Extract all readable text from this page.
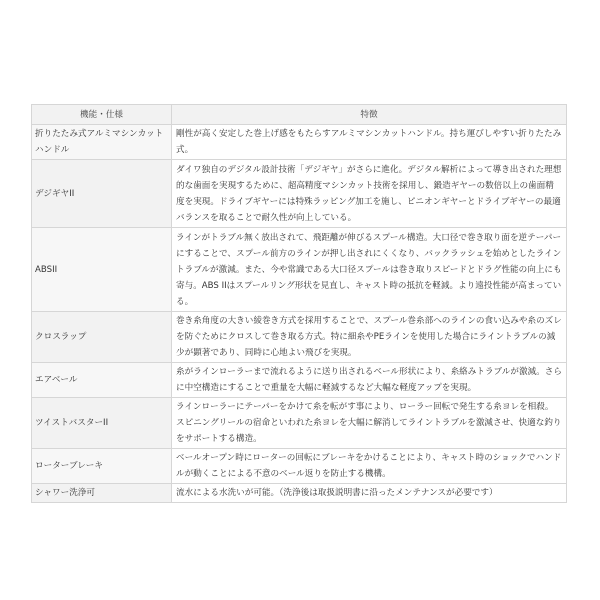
機能・仕様	特徴
折りたたみ式アルミマシンカットハンドル	剛性が高く安定した巻上げ感をもたらすアルミマシンカットハンドル。持ち運びしやすい折りたたみ式。
デジギヤII	ダイワ独自のデジタル設計技術「デジギヤ」がさらに進化。デジタル解析によって導き出された理想的な歯面を実現するために、超高精度マシンカット技術を採用し、鍛造ギヤーの数倍以上の歯面精度を実現。ドライブギヤーには特殊ラッピング加工を施し、ピニオンギヤーとドライブギヤーの最適バランスを取ることで耐久性が向上している。
ABSII	ラインがトラブル無く放出されて、飛距離が伸びるスプール構造。大口径で巻き取り面を逆テーパーにすることで、スプール前方のラインが押し出されにくくなり、バックラッシュを始めとしたライントラブルが激減。また、今や常識である大口径スプールは巻き取りスピードとドラグ性能の向上にも寄与。ABS IIはスプールリング形状を見直し、キャスト時の抵抗を軽減。より遠投性能が高まっている。
クロスラップ	巻き糸角度の大きい綾巻き方式を採用することで、スプール巻糸部へのラインの食い込みや糸のズレを防ぐためにクロスして巻き取る方式。特に細糸やPEラインを使用した場合にライントラブルの減少が顕著であり、同時に心地よい飛びを実現。
エアベール	糸がラインローラーまで流れるように送り出されるベール形状により、糸絡みトラブルが激減。さらに中空構造にすることで重量を大幅に軽減するなど大幅な軽度アップを実現。
ツイストバスターII	ラインローラーにテーパーをかけて糸を転がす事により、ローラー回転で発生する糸ヨレを相殺。スピニングリールの宿命といわれた糸ヨレを大幅に解消してライントラブルを激減させ、快適な釣りをサポートする構造。
ローターブレーキ	ベールオープン時にローターの回転にブレーキをかけることにより、キャスト時のショックでハンドルが動くことによる不意のベール返りを防止する機構。
シャワー洗浄可	流水による水洗いが可能。（洗浄後は取扱説明書に沿ったメンテナンスが必要です）
